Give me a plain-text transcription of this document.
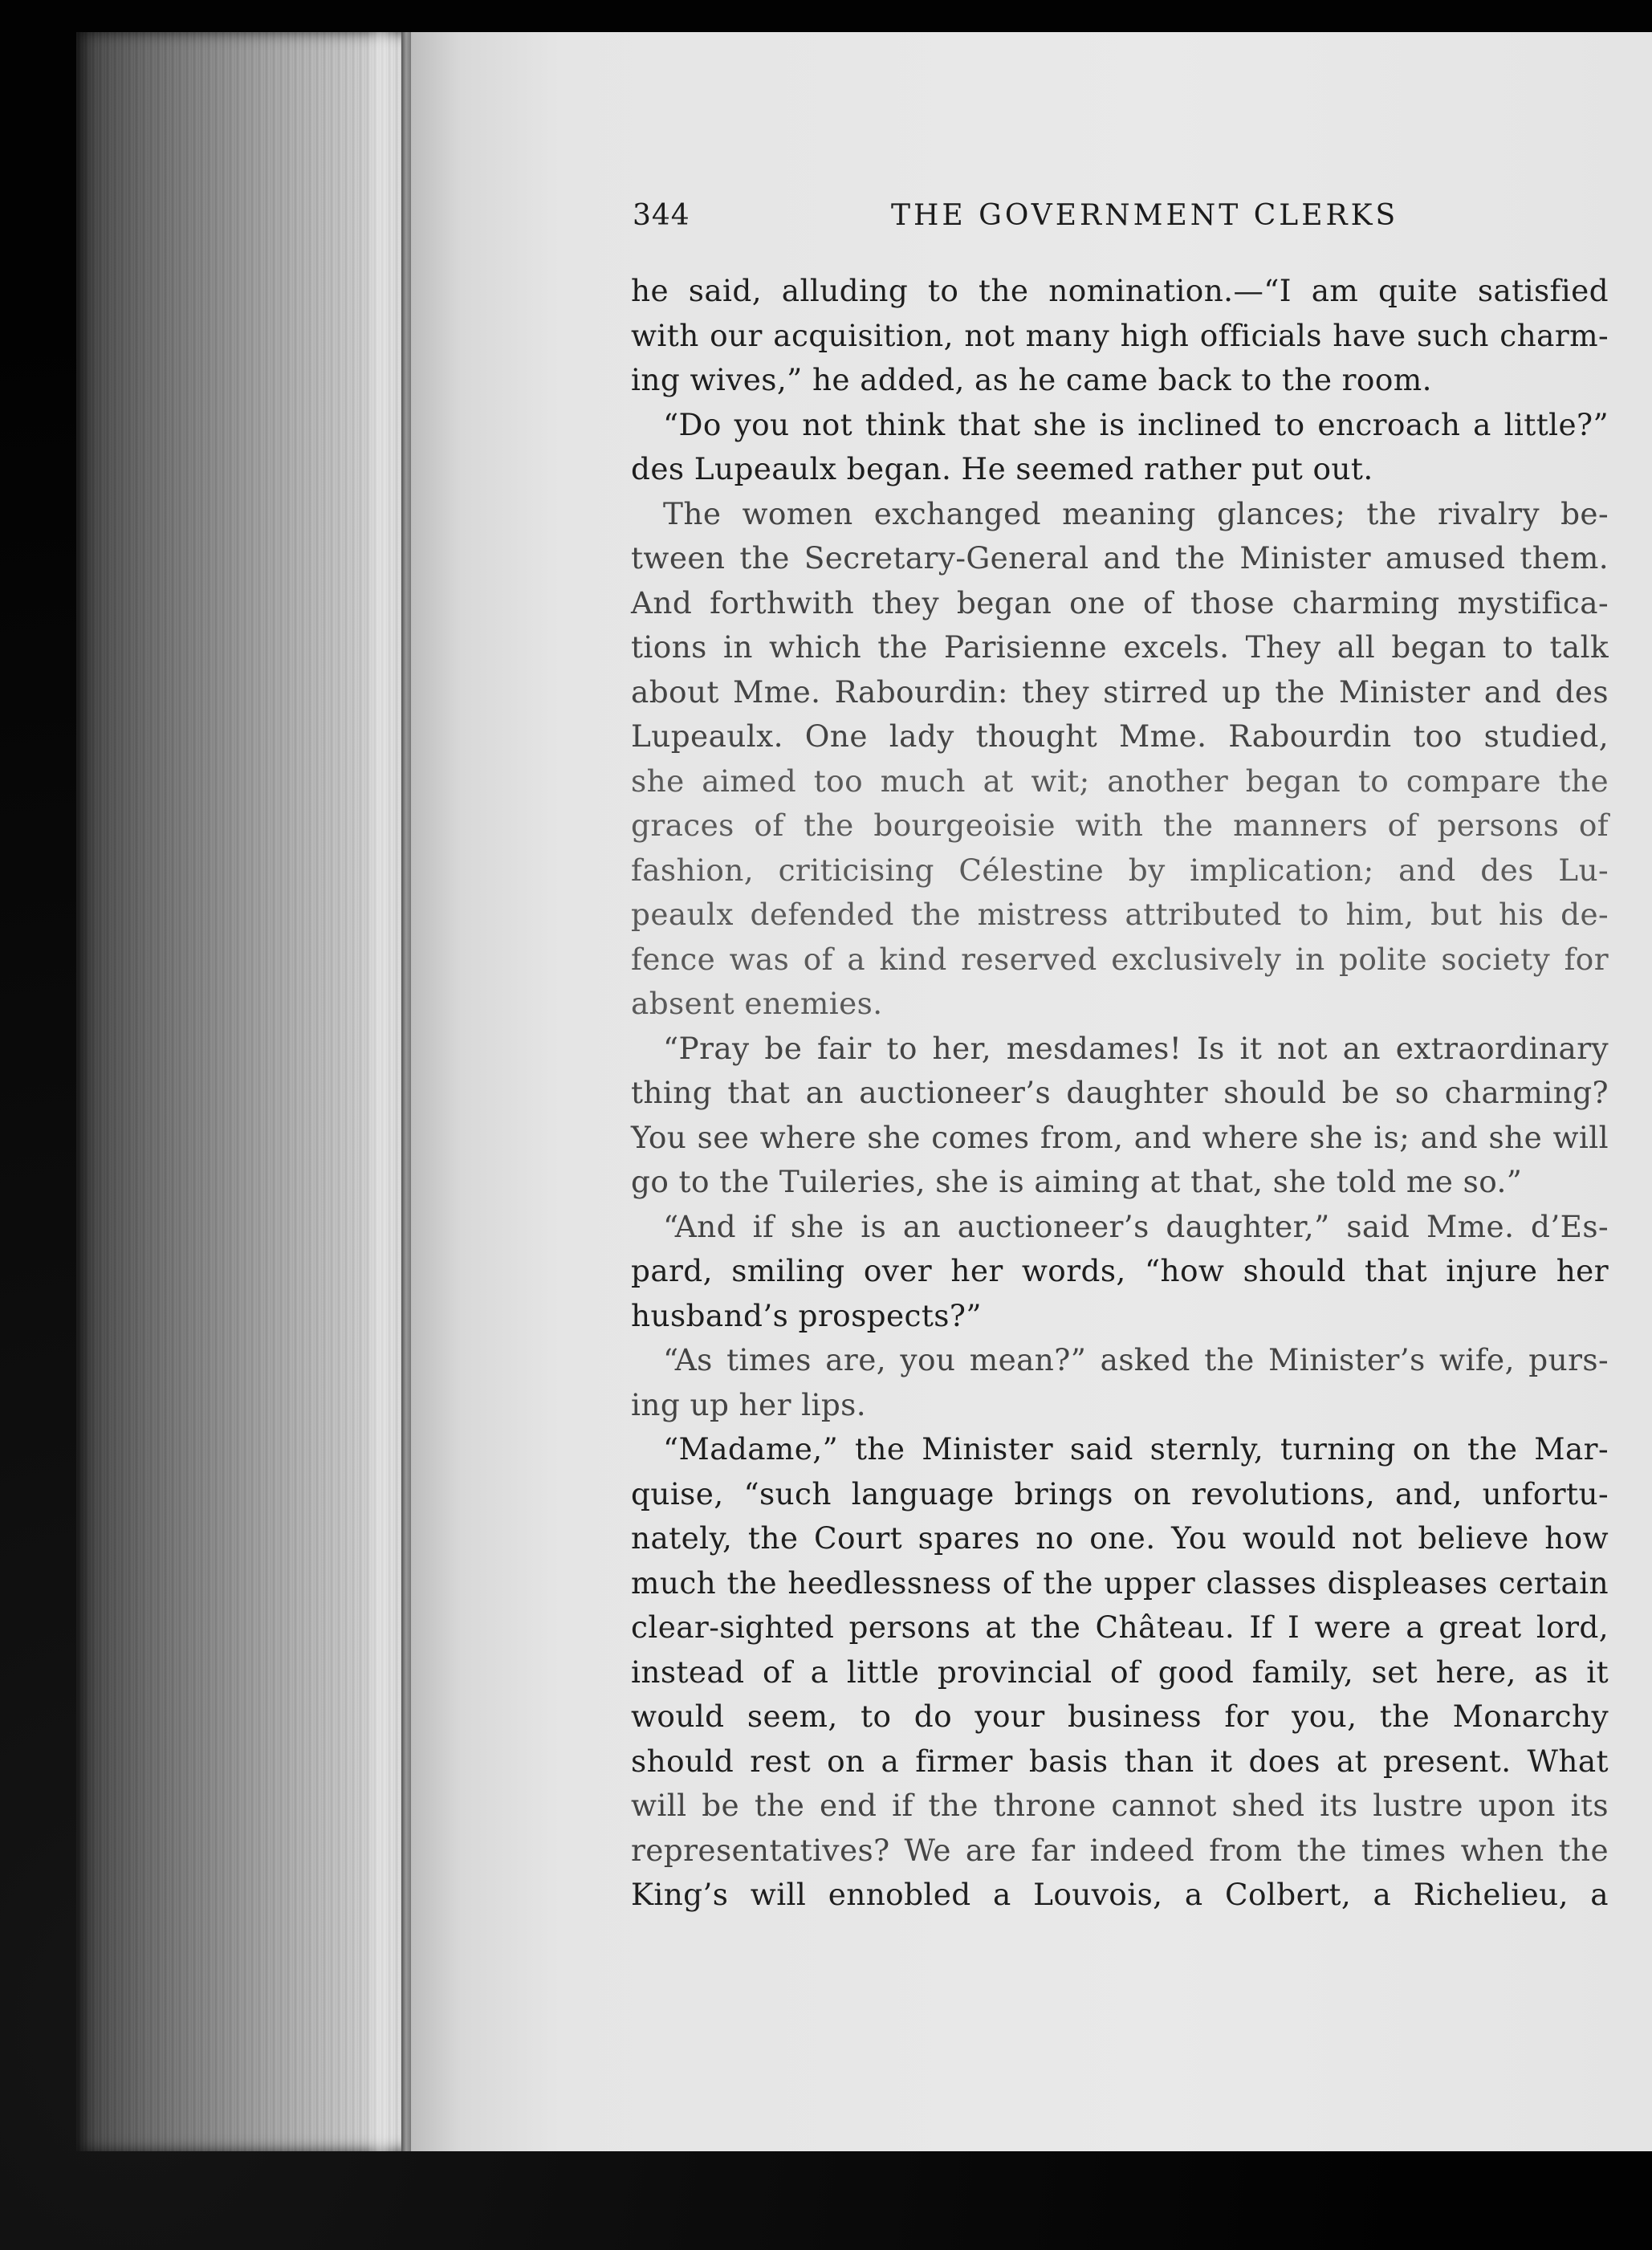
344	THE GOVERNMENT CLERKS
he said, alluding to the nomination.—“I am quite satisfied
with our acquisition, not many high officials have such charm-
ing wives,” he added, as he came back to the room.
“Do you not think that she is inclined to encroach a little?”
des Lupeaulx began. He seemed rather put out.
The women exchanged meaning glances; the rivalry be-
tween the Secretary-General and the Minister amused them.
And forthwith they began one of those charming mystifica-
tions in which the Parisienne excels. They all began to talk
about Mme. Rabourdin: they stirred up the Minister and des
Lupeaulx. One lady thought Mme. Rabourdin too studied,
she aimed too much at wit; another began to compare the
graces of the bourgeoisie with the manners of persons of
fashion, criticising Célestine by implication; and des Lu-
peaulx defended the mistress attributed to him, but his de-
fence was of a kind reserved exclusively in polite society for
absent enemies.
“Pray be fair to her, mesdames! Is it not an extraordinary
thing that an auctioneer’s daughter should be so charming?
You see where she comes from, and where she is; and she will
go to the Tuileries, she is aiming at that, she told me so.”
“And if she is an auctioneer’s daughter,” said Mme. d’Es-
pard, smiling over her words, “how should that injure her
husband’s prospects?”
“As times are, you mean?” asked the Minister’s wife, purs-
ing up her lips.
“Madame,” the Minister said sternly, turning on the Mar-
quise, “such language brings on revolutions, and, unfortu-
nately, the Court spares no one. You would not believe how
much the heedlessness of the upper classes displeases certain
clear-sighted persons at the Château. If I were a great lord,
instead of a little provincial of good family, set here, as it
would seem, to do your business for you, the Monarchy
should rest on a firmer basis than it does at present. What
will be the end if the throne cannot shed its lustre upon its
representatives? We are far indeed from the times when the
King’s will ennobled a Louvois, a Colbert, a Richelieu, a
